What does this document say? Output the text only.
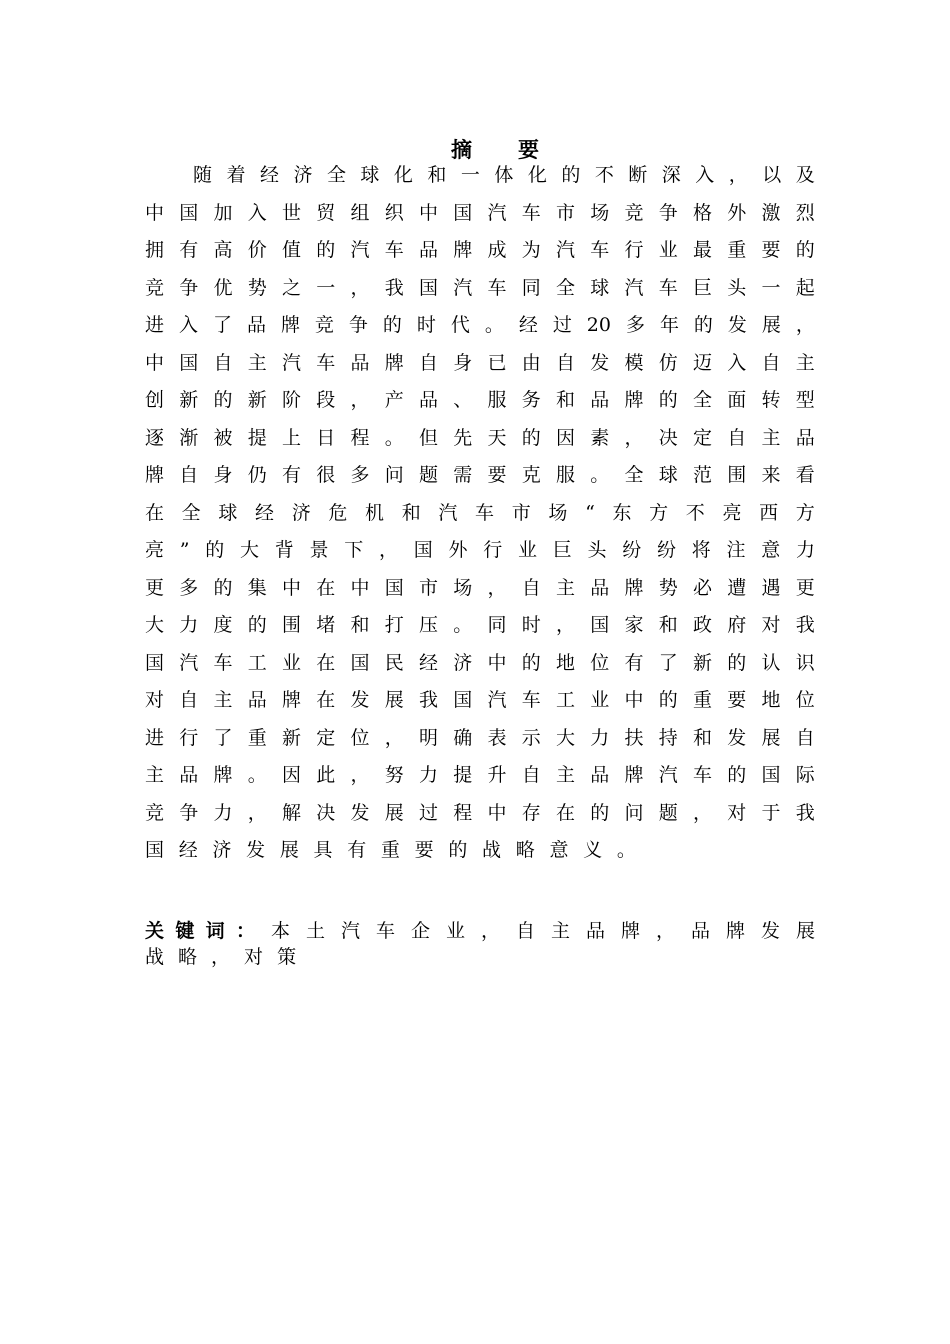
摘 要
随 着 经 济 全 球 化 和 一 体 化 的 不 断 深 入 ， 以 及
中 国 加 入 世 贸 组 织 中 国 汽 车 市 场 竞 争 格 外 激 烈
拥 有 高 价 值 的 汽 车 品 牌 成 为 汽 车 行 业 最 重 要 的
竞 争 优 势 之 一 ， 我 国 汽 车 同 全 球 汽 车 巨 头 一 起
进 入 了 品 牌 竞 争 的 时 代 。 经 过 20 多 年 的 发 展 ，
中 国 自 主 汽 车 品 牌 自 身 已 由 自 发 模 仿 迈 入 自 主
创 新 的 新 阶 段 ， 产 品 、 服 务 和 品 牌 的 全 面 转 型
逐 渐 被 提 上 日 程 。 但 先 天 的 因 素 ， 决 定 自 主 品
牌 自 身 仍 有 很 多 问 题 需 要 克 服 。 全 球 范 围 来 看
在 全 球 经 济 危 机 和 汽 车 市 场 “ 东 方 不 亮 西 方
亮 ” 的 大 背 景 下 ， 国 外 行 业 巨 头 纷 纷 将 注 意 力
更 多 的 集 中 在 中 国 市 场 ， 自 主 品 牌 势 必 遭 遇 更
大 力 度 的 围 堵 和 打 压 。 同 时 ， 国 家 和 政 府 对 我
国 汽 车 工 业 在 国 民 经 济 中 的 地 位 有 了 新 的 认 识
对 自 主 品 牌 在 发 展 我 国 汽 车 工 业 中 的 重 要 地 位
进 行 了 重 新 定 位 ， 明 确 表 示 大 力 扶 持 和 发 展 自
主 品 牌 。 因 此 ， 努 力 提 升 自 主 品 牌 汽 车 的 国 际
竞 争 力 ， 解 决 发 展 过 程 中 存 在 的 问 题 ， 对 于 我
国 经 济 发 展 具 有 重 要 的 战 略 意 义 。
关 键 词 ： 本 土 汽 车 企 业 ， 自 主 品 牌 ， 品 牌 发 展
战 略 ， 对 策
